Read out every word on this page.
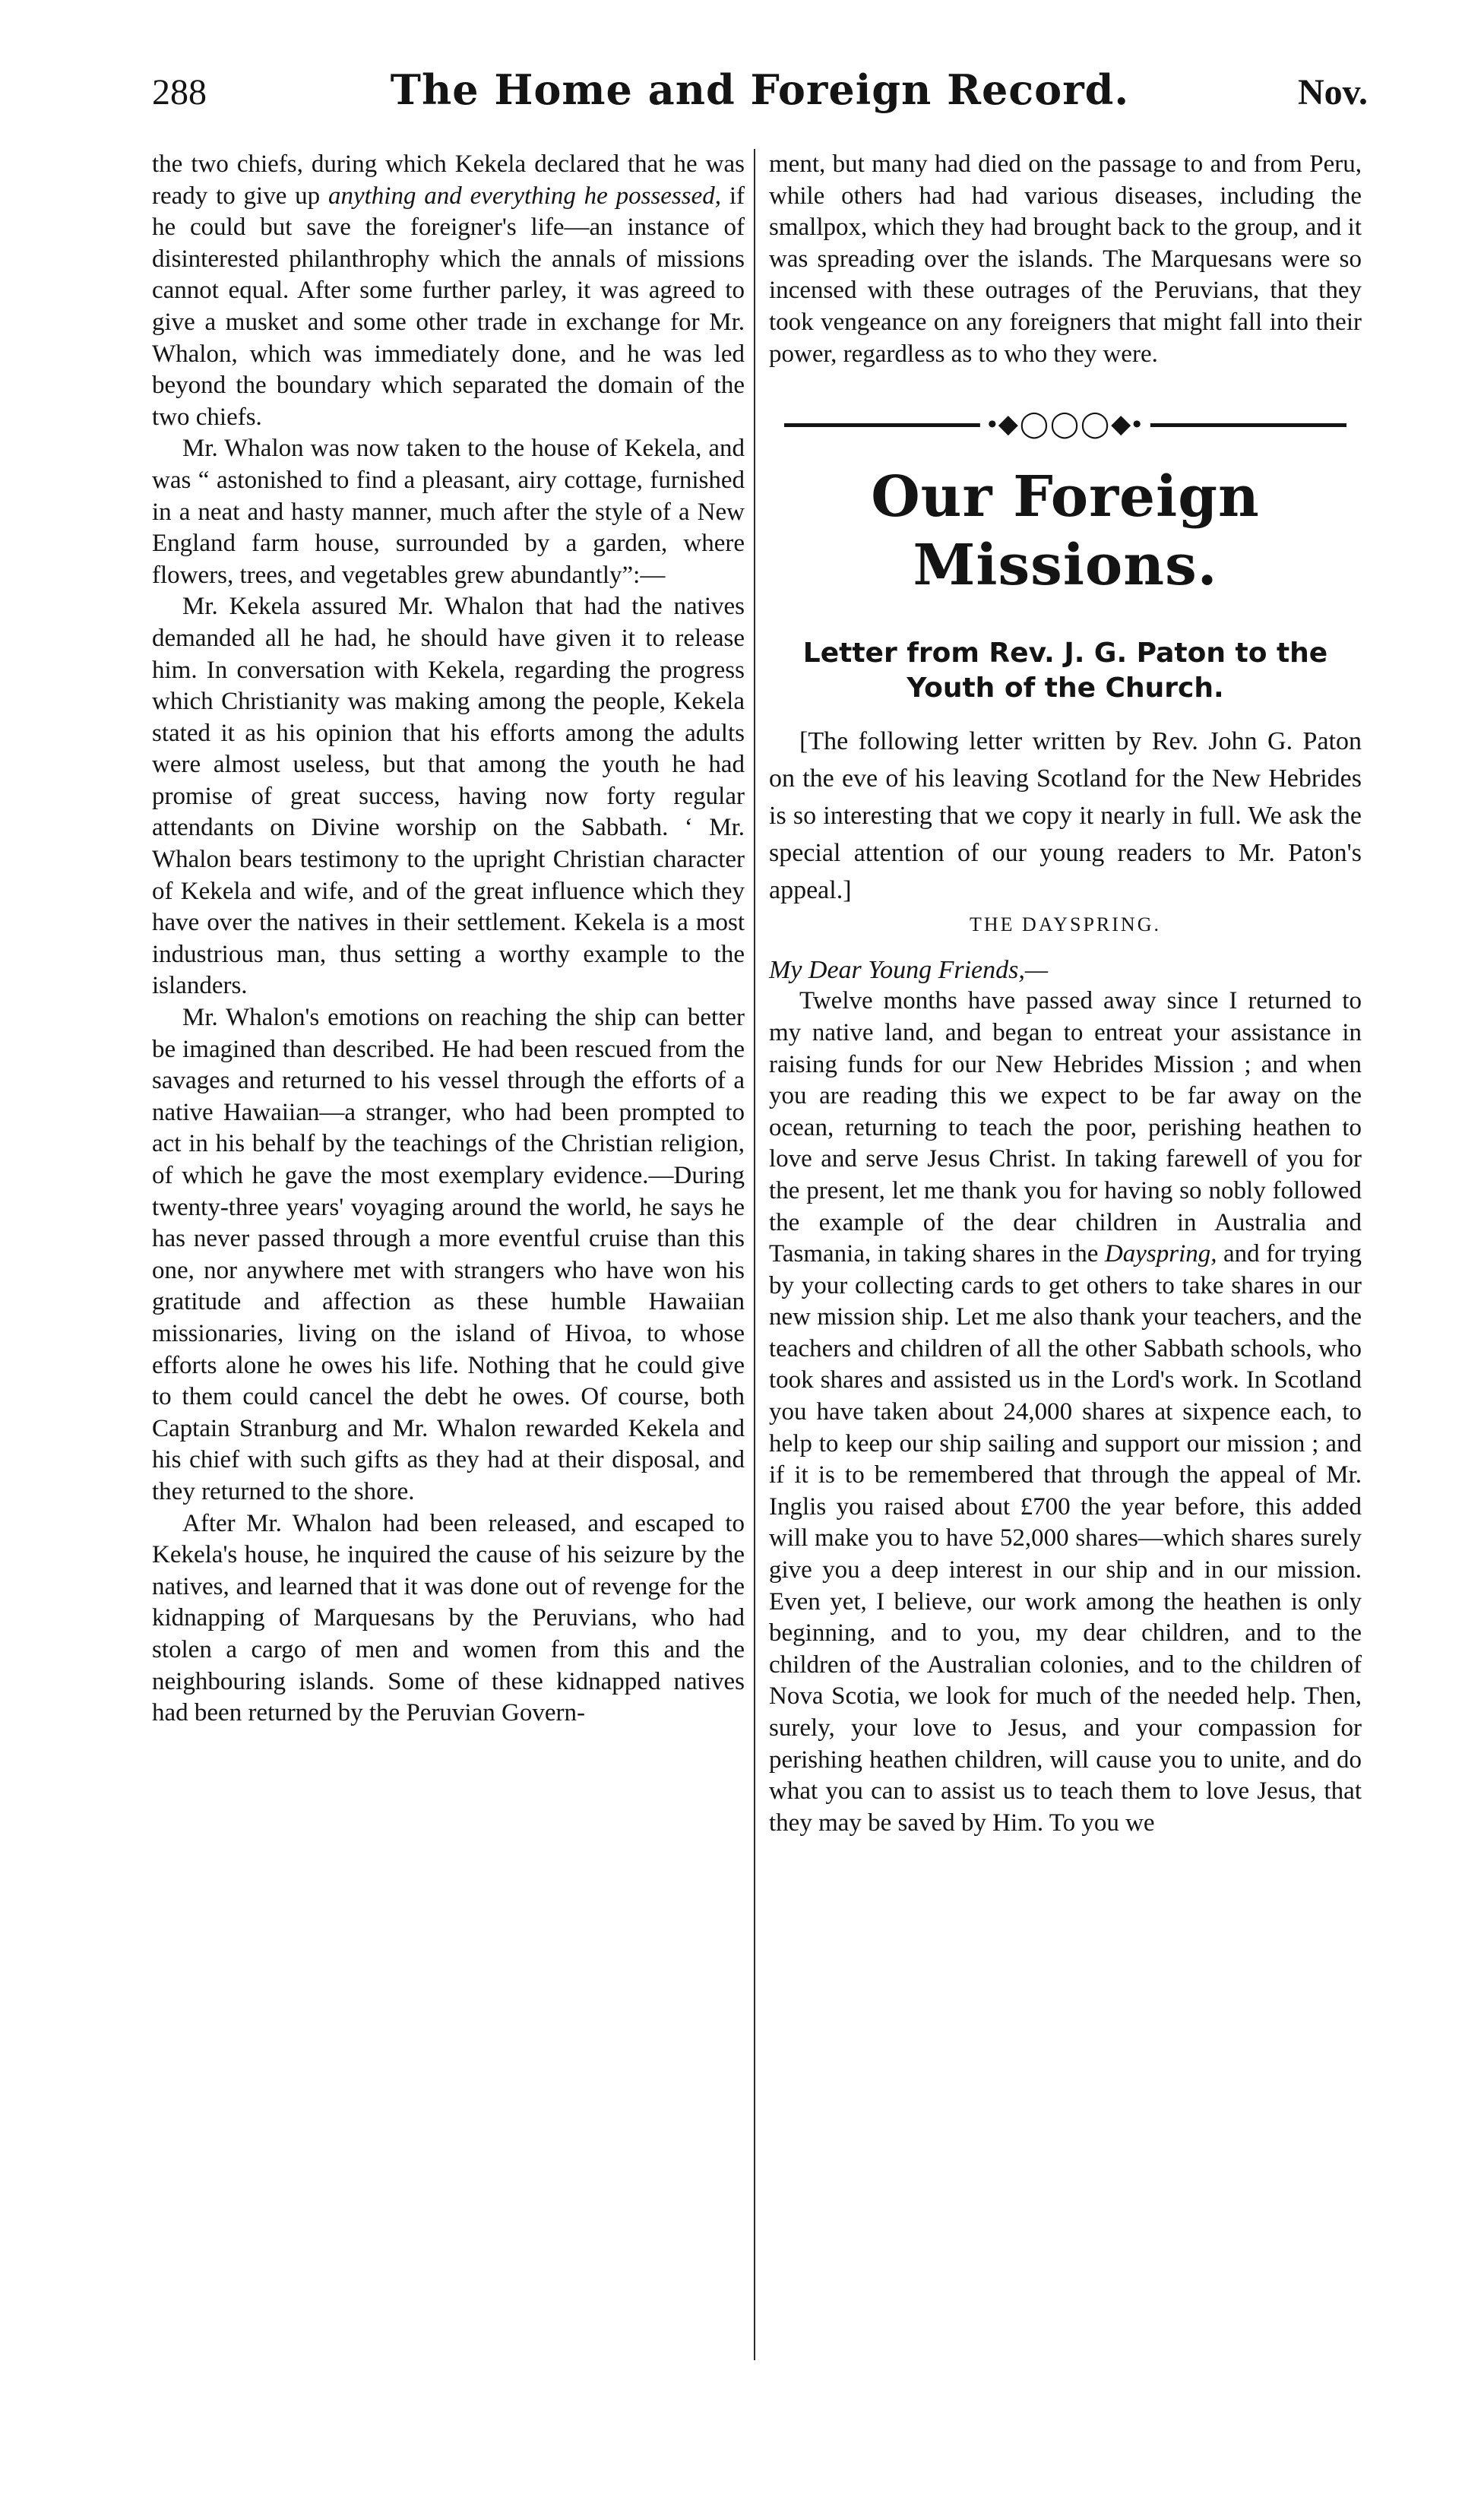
288	The Home and Foreign Record.	Nov.

the two chiefs, during which Kekela declared that he was ready to give up anything and everything he possessed, if he could but save the foreigner's life—an instance of disinterested philanthrophy which the annals of missions cannot equal. After some further parley, it was agreed to give a musket and some other trade in exchange for Mr. Whalon, which was immediately done, and he was led beyond the boundary which separated the domain of the two chiefs.

Mr. Whalon was now taken to the house of Kekela, and was “ astonished to find a pleasant, airy cottage, furnished in a neat and hasty manner, much after the style of a New England farm house, surrounded by a garden, where flowers, trees, and vegetables grew abundantly”:—

Mr. Kekela assured Mr. Whalon that had the natives demanded all he had, he should have given it to release him. In conversation with Kekela, regarding the progress which Christianity was making among the people, Kekela stated it as his opinion that his efforts among the adults were almost useless, but that among the youth he had promise of great success, having now forty regular attendants on Divine worship on the Sabbath. ‘ Mr. Whalon bears testimony to the upright Christian character of Kekela and wife, and of the great influence which they have over the natives in their settlement. Kekela is a most industrious man, thus setting a worthy example to the islanders.

Mr. Whalon's emotions on reaching the ship can better be imagined than described. He had been rescued from the savages and returned to his vessel through the efforts of a native Hawaiian—a stranger, who had been prompted to act in his behalf by the teachings of the Christian religion, of which he gave the most exemplary evidence.—During twenty-three years' voyaging around the world, he says he has never passed through a more eventful cruise than this one, nor anywhere met with strangers who have won his gratitude and affection as these humble Hawaiian missionaries, living on the island of Hivoa, to whose efforts alone he owes his life. Nothing that he could give to them could cancel the debt he owes. Of course, both Captain Stranburg and Mr. Whalon rewarded Kekela and his chief with such gifts as they had at their disposal, and they returned to the shore.

After Mr. Whalon had been released, and escaped to Kekela's house, he inquired the cause of his seizure by the natives, and learned that it was done out of revenge for the kidnapping of Marquesans by the Peruvians, who had stolen a cargo of men and women from this and the neighbouring islands. Some of these kidnapped natives had been returned by the Peruvian Govern-

ment, but many had died on the passage to and from Peru, while others had had various diseases, including the smallpox, which they had brought back to the group, and it was spreading over the islands. The Marquesans were so incensed with these outrages of the Peruvians, that they took vengeance on any foreigners that might fall into their power, regardless as to who they were.

•◆◯◯◯◆•
Our Foreign Missions.
Letter from Rev. J. G. Paton to the Youth of the Church.

[The following letter written by Rev. John G. Paton on the eve of his leaving Scotland for the New Hebrides is so interesting that we copy it nearly in full. We ask the special attention of our young readers to Mr. Paton's appeal.]

THE DAYSPRING.

My Dear Young Friends,—

Twelve months have passed away since I returned to my native land, and began to entreat your assistance in raising funds for our New Hebrides Mission ; and when you are reading this we expect to be far away on the ocean, returning to teach the poor, perishing heathen to love and serve Jesus Christ. In taking farewell of you for the present, let me thank you for having so nobly followed the example of the dear children in Australia and Tasmania, in taking shares in the Dayspring, and for trying by your collecting cards to get others to take shares in our new mission ship. Let me also thank your teachers, and the teachers and children of all the other Sabbath schools, who took shares and assisted us in the Lord's work. In Scotland you have taken about 24,000 shares at sixpence each, to help to keep our ship sailing and support our mission ; and if it is to be remembered that through the appeal of Mr. Inglis you raised about £700 the year before, this added will make you to have 52,000 shares—which shares surely give you a deep interest in our ship and in our mission. Even yet, I believe, our work among the heathen is only beginning, and to you, my dear children, and to the children of the Australian colonies, and to the children of Nova Scotia, we look for much of the needed help. Then, surely, your love to Jesus, and your compassion for perishing heathen children, will cause you to unite, and do what you can to assist us to teach them to love Jesus, that they may be saved by Him. To you we
